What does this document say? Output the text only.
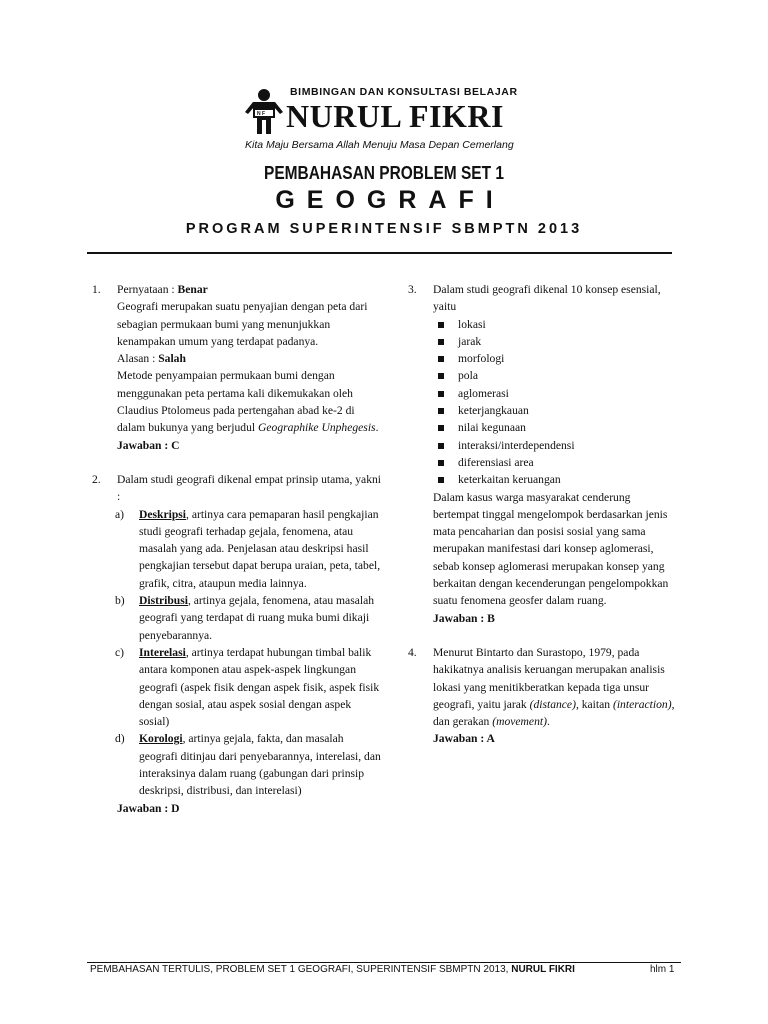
BIMBINGAN DAN KONSULTASI BELAJAR
N F NURUL FIKRI
Kita Maju Bersama Allah Menuju Masa Depan Cemerlang
PEMBAHASAN PROBLEM SET 1
GEOGRAFI
PROGRAM SUPERINTENSIF SBMPTN 2013
1. Pernyataan : Benar
Geografi merupakan suatu penyajian dengan peta dari sebagian permukaan bumi yang menunjukkan kenampakan umum yang terdapat padanya.
Alasan : Salah
Metode penyampaian permukaan bumi dengan menggunakan peta pertama kali dikemukakan oleh Claudius Ptolomeus pada pertengahan abad ke-2 di dalam bukunya yang berjudul Geographike Unphegesis.
Jawaban : C
2. Dalam studi geografi dikenal empat prinsip utama, yakni :
a) Deskripsi, artinya cara pemaparan hasil pengkajian studi geografi terhadap gejala, fenomena, atau masalah yang ada. Penjelasan atau deskripsi hasil pengkajian tersebut dapat berupa uraian, peta, tabel, grafik, citra, ataupun media lainnya.
b) Distribusi, artinya gejala, fenomena, atau masalah geografi yang terdapat di ruang muka bumi dikaji penyebarannya.
c) Interelasi, artinya terdapat hubungan timbal balik antara komponen atau aspek-aspek lingkungan geografi (aspek fisik dengan aspek fisik, aspek fisik dengan sosial, atau aspek sosial dengan aspek sosial)
d) Korologi, artinya gejala, fakta, dan masalah geografi ditinjau dari penyebarannya, interelasi, dan interaksinya dalam ruang (gabungan dari prinsip deskripsi, distribusi, dan interelasi)
Jawaban : D
3. Dalam studi geografi dikenal 10 konsep esensial, yaitu
lokasi
jarak
morfologi
pola
aglomerasi
keterjangkauan
nilai kegunaan
interaksi/interdependensi
diferensiasi area
keterkaitan keruangan
Dalam kasus warga masyarakat cenderung bertempat tinggal mengelompok berdasarkan jenis mata pencaharian dan posisi sosial yang sama merupakan manifestasi dari konsep aglomerasi, sebab konsep aglomerasi merupakan konsep yang berkaitan dengan kecenderungan pengelompokkan suatu fenomena geosfer dalam ruang.
Jawaban : B
4. Menurut Bintarto dan Surastopo, 1979, pada hakikatnya analisis keruangan merupakan analisis lokasi yang menitikberatkan kepada tiga unsur geografi, yaitu jarak (distance), kaitan (interaction), dan gerakan (movement).
Jawaban : A
PEMBAHASAN TERTULIS, PROBLEM SET 1 GEOGRAFI, SUPERINTENSIF SBMPTN 2013, NURUL FIKRI	hlm 1
